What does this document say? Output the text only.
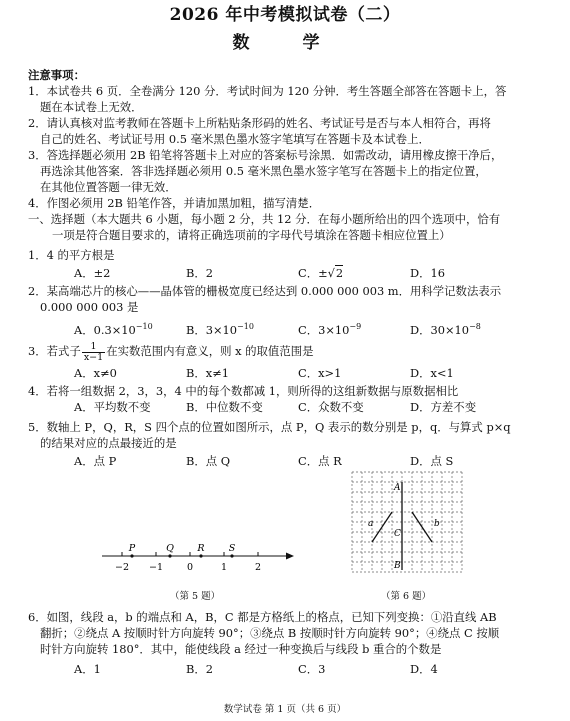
2026 年中考模拟试卷（二）
数　学
注意事项：
1．本试卷共 6 页．全卷满分 120 分．考试时间为 120 分钟．考生答题全部答在答题卡上，答
题在本试卷上无效．
2．请认真核对监考教师在答题卡上所粘贴条形码的姓名、考试证号是否与本人相符合，再将
自己的姓名、考试证号用 0.5 毫米黑色墨水签字笔填写在答题卡及本试卷上．
3．答选择题必须用 2B 铅笔将答题卡上对应的答案标号涂黑．如需改动，请用橡皮擦干净后，
再选涂其他答案．答非选择题必须用 0.5 毫米黑色墨水签字笔写在答题卡上的指定位置，
在其他位置答题一律无效．
4．作图必须用 2B 铅笔作答，并请加黑加粗，描写清楚．
一、选择题（本大题共 6 小题，每小题 2 分，共 12 分．在每小题所给出的四个选项中，恰有
一项是符合题目要求的，请将正确选项前的字母代号填涂在答题卡相应位置上）
1．4 的平方根是
A．±2	B．2	C．±√2	D．16
2．某高端芯片的核心——晶体管的栅极宽度已经达到 0.000 000 003 m．用科学记数法表示
0.000 000 003 是
A．$0.3\times 10^{-10}$	B．$3\times 10^{-10}$	C．$3\times 10^{-9}$	D．$30\times 10^{-8}$
3．若式子 $\frac{1}{x-1}$ 在实数范围内有意义，则 x 的取值范围是
A．x≠0	B．x≠1	C．x>1	D．x<1
4．若将一组数据 2，3，3，4 中的每个数都减 1，则所得的这组新数据与原数据相比
A．平均数不变	B．中位数不变	C．众数不变	D．方差不变
5．数轴上 P，Q，R，S 四个点的位置如图所示，点 P，Q 表示的数分别是 p，q．与算式 p×q
的结果对应的点最接近的是
A．点 P	B．点 Q	C．点 R	D．点 S
P	Q R	S
−2 −1	0	1	2
（第 5 题）
A
B
C
a	b
（第 6 题）
6．如图，线段 a，b 的端点和 A，B，C 都是方格纸上的格点，已知下列变换：①沿直线 AB
翻折；②绕点 A 按顺时针方向旋转 90°；③绕点 B 按顺时针方向旋转 90°；④绕点 C 按顺
时针方向旋转 180°．其中，能使线段 a 经过一种变换后与线段 b 重合的个数是
A．1	B．2	C．3	D．4
数学试卷 第 1 页（共 6 页）
